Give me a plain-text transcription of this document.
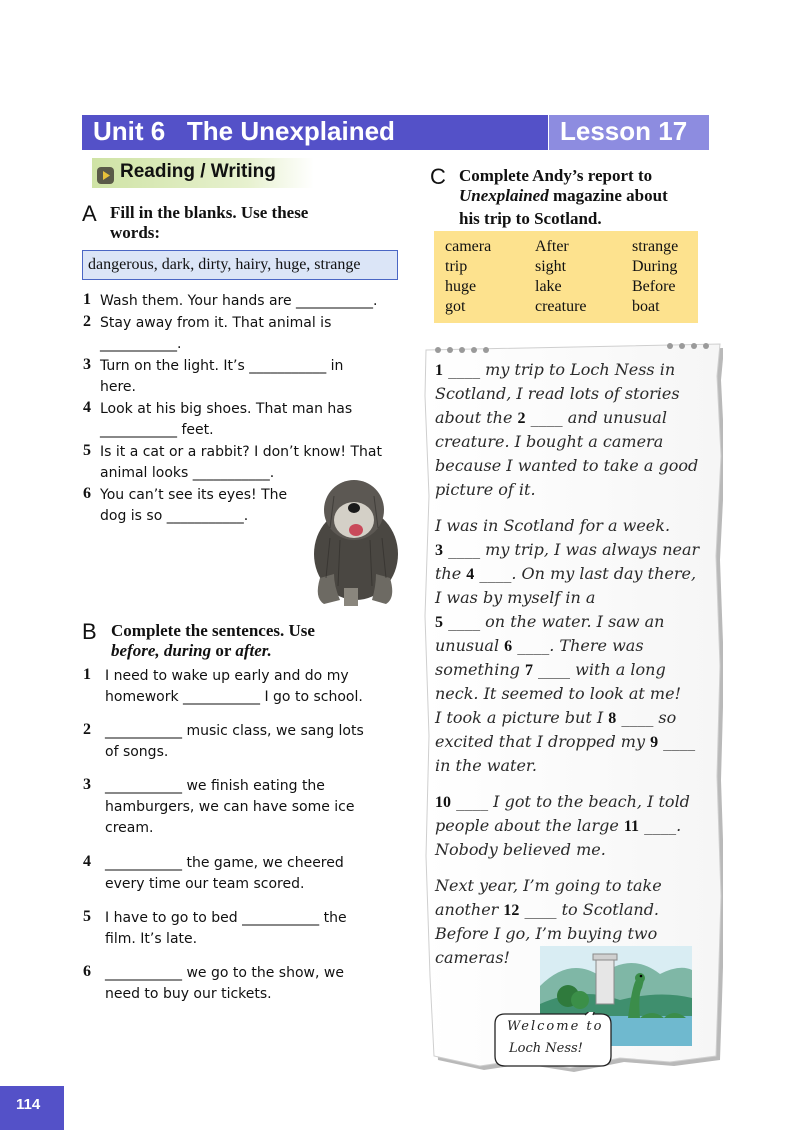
Unit 6   The Unexplained	Lesson 17
Reading / Writing
A Fill in the blanks. Use these
words:
dangerous, dark, dirty, hairy, huge, strange
1 Wash them. Your hands are ___________.
2 Stay away from it. That animal is
___________.
3 Turn on the light. It’s ___________ in
here.
4 Look at his big shoes. That man has
___________ feet.
5 Is it a cat or a rabbit? I don’t know! That
animal looks ___________.
6 You can’t see its eyes! The
dog is so ___________.
B Complete the sentences. Use
before, during or after.
1 I need to wake up early and do my
homework ___________ I go to school.
2 ___________ music class, we sang lots
of songs.
3 ___________ we finish eating the
hamburgers, we can have some ice
cream.
4 ___________ the game, we cheered
every time our team scored.
5 I have to go to bed ___________ the
film. It’s late.
6 ___________ we go to the show, we
need to buy our tickets.
C Complete Andy’s report to
Unexplained magazine about
his trip to Scotland.
camera
trip
huge
got
After
sight
lake
creature
strange
During
Before
boat
1 ____ my trip to Loch Ness in
Scotland, I read lots of stories
about the 2 ____ and unusual
creature. I bought a camera
because I wanted to take a good
picture of it.
I was in Scotland for a week.
3 ____ my trip, I was always near
the 4 ____. On my last day there,
I was by myself in a
5 ____ on the water. I saw an
unusual 6 ____. There was
something 7 ____ with a long
neck. It seemed to look at me!
I took a picture but I 8 ____ so
excited that I dropped my 9 ____
in the water.
10 ____ I got to the beach, I told
people about the large 11 ____.
Nobody believed me.
Next year, I’m going to take
another 12 ____ to Scotland.
Before I go, I’m buying two
cameras!
Welcome to
Loch Ness!
114
